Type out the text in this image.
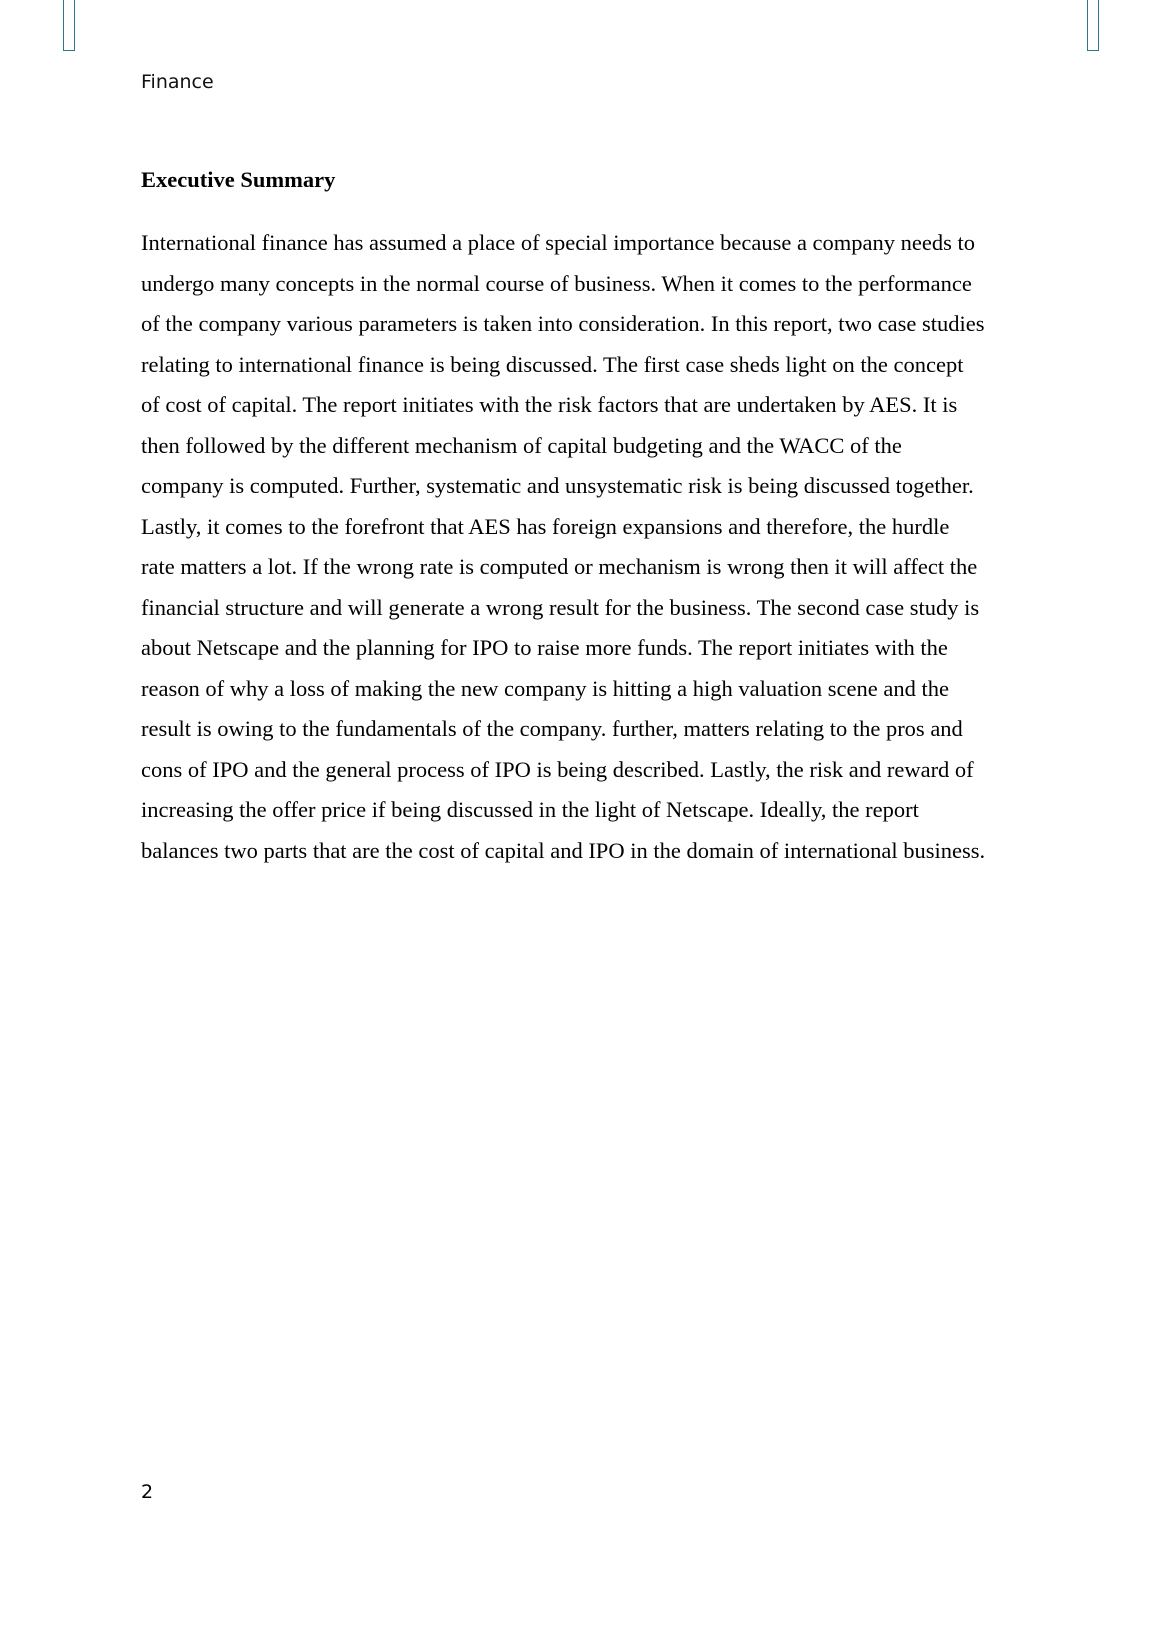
Finance
Executive Summary
International finance has assumed a place of special importance because a company needs to
undergo many concepts in the normal course of business. When it comes to the performance
of the company various parameters is taken into consideration. In this report, two case studies
relating to international finance is being discussed. The first case sheds light on the concept
of cost of capital. The report initiates with the risk factors that are undertaken by AES. It is
then followed by the different mechanism of capital budgeting and the WACC of the
company is computed. Further, systematic and unsystematic risk is being discussed together.
Lastly, it comes to the forefront that AES has foreign expansions and therefore, the hurdle
rate matters a lot. If the wrong rate is computed or mechanism is wrong then it will affect the
financial structure and will generate a wrong result for the business. The second case study is
about Netscape and the planning for IPO to raise more funds. The report initiates with the
reason of why a loss of making the new company is hitting a high valuation scene and the
result is owing to the fundamentals of the company. further, matters relating to the pros and
cons of IPO and the general process of IPO is being described. Lastly, the risk and reward of
increasing the offer price if being discussed in the light of Netscape. Ideally, the report
balances two parts that are the cost of capital and IPO in the domain of international business.
2
